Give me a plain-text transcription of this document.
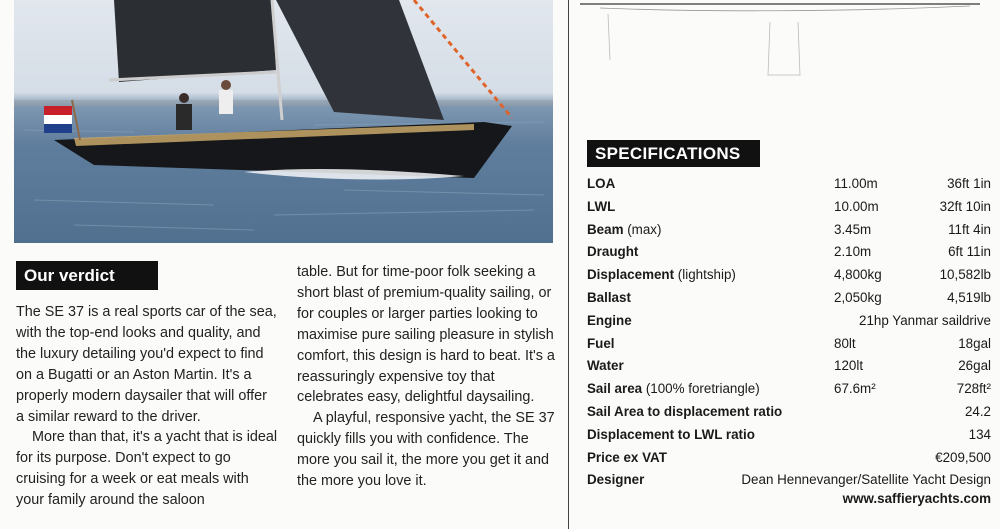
Our verdict

The SE 37 is a real sports car of the sea, with the top-end looks and quality, and the luxury detailing you'd expect to find on a Bugatti or an Aston Martin. It's a properly modern daysailer that will offer a similar reward to the driver.

More than that, it's a yacht that is ideal for its purpose. Don't expect to go cruising for a week or eat meals with your family around the saloon

table. But for time-poor folk seeking a short blast of premium-quality sailing, or for couples or larger parties looking to maximise pure sailing pleasure in stylish comfort, this design is hard to beat. It's a reassuringly expensive toy that celebrates easy, delightful daysailing.

A playful, responsive yacht, the SE 37 quickly fills you with confidence. The more you sail it, the more you get it and the more you love it.

SPECIFICATIONS
LOA	11.00m	36ft 1in
LWL	10.00m	32ft 10in
Beam (max)	3.45m	11ft 4in
Draught	2.10m	6ft 11in
Displacement (lightship)	4,800kg	10,582lb
Ballast	2,050kg	4,519lb
Engine	21hp Yanmar saildrive
Fuel	80lt	18gal
Water	120lt	26gal
Sail area (100% foretriangle)	67.6m²	728ft²
Sail Area to displacement ratio	24.2
Displacement to LWL ratio	134
Price ex VAT	€209,500
Designer	Dean Hennevanger/Satellite Yacht Design
www.saffieryachts.com
